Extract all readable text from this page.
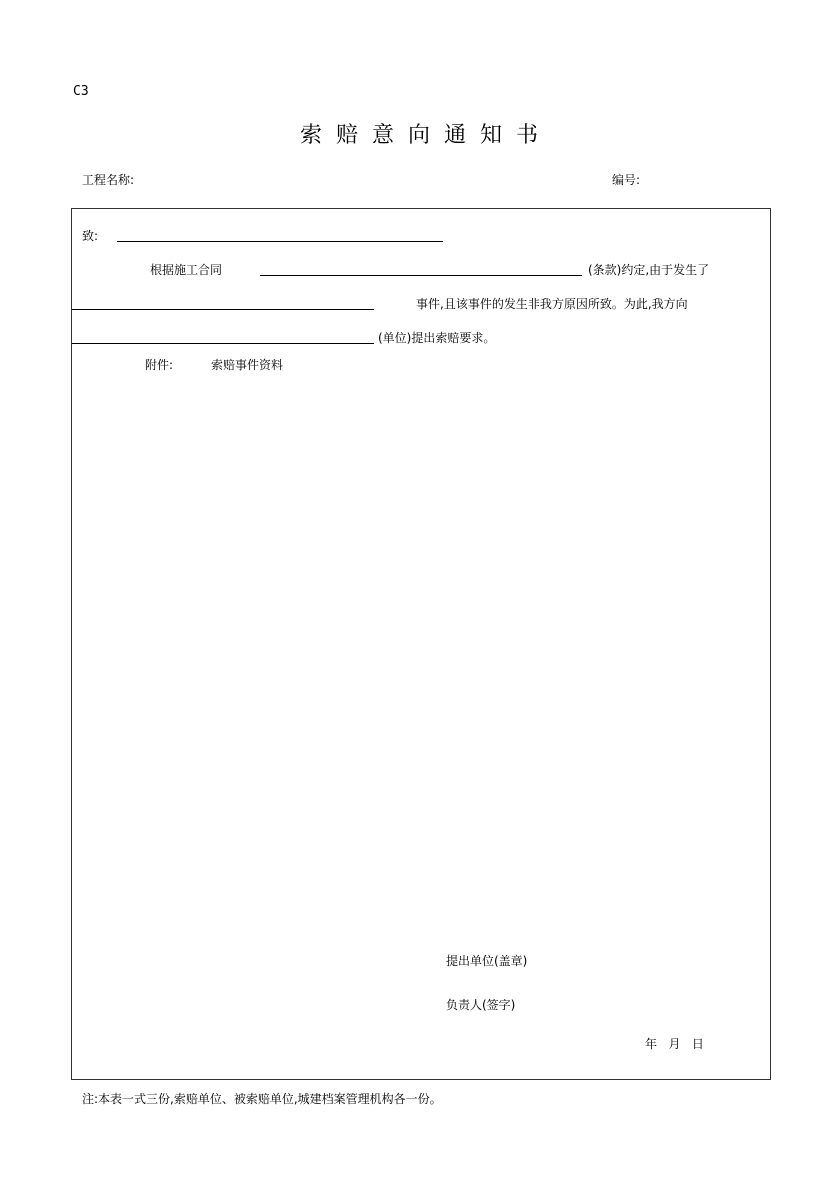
C3
索赔意向通知书
工程名称:	编号:
致:
根据施工合同	(条款)约定,由于发生了
事件,且该事件的发生非我方原因所致。为此,我方向
(单位)提出索赔要求。
附件:	索赔事件资料
提出单位(盖章)
负责人(签字)
年   月   日
注:本表一式三份,索赔单位、被索赔单位,城建档案管理机构各一份。
